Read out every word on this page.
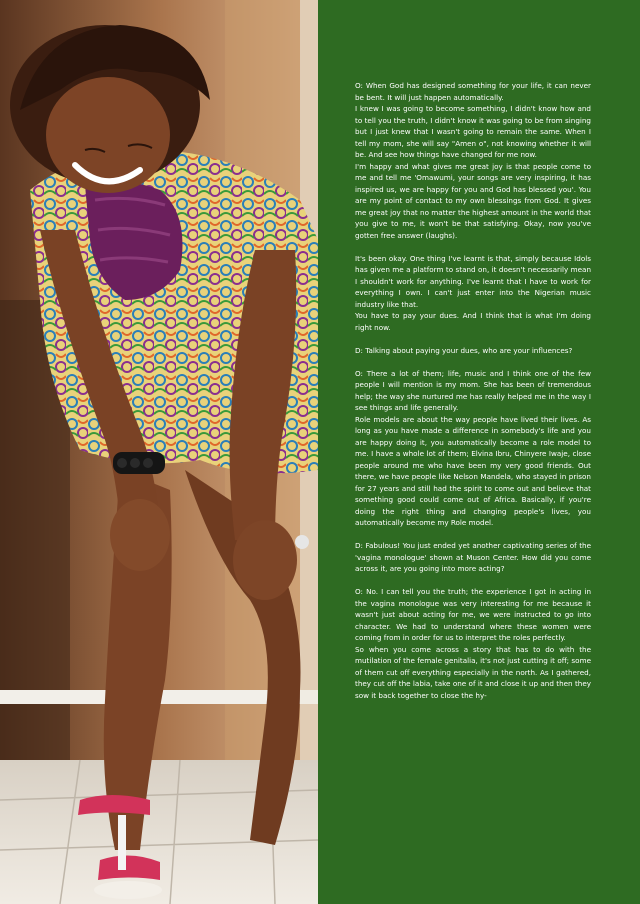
O: When God has designed something for your life, it can never be bent. It will just happen automatically.

I knew I was going to become something, I didn't know how and to tell you the truth, I didn't know it was going to be from singing but I just knew that I wasn't going to remain the same. When I tell my mom, she will say "Amen o", not knowing whether it will be. And see how things have changed for me now.

I'm happy and what gives me great joy is that people come to me and tell me 'Omawumi, your songs are very inspiring, it has inspired us, we are happy for you and God has blessed you'. You are my point of contact to my own blessings from God. It gives me great joy that no matter the highest amount in the world that you give to me, it won't be that satisfying. Okay, now you've gotten free answer (laughs).

It's been okay. One thing I've learnt is that, simply because Idols has given me a platform to stand on, it doesn't necessarily mean I shouldn't work for anything. I've learnt that I have to work for everything I own. I can't just enter into the Nigerian music industry like that.

You have to pay your dues. And I think that is what I'm doing right now.

D: Talking about paying your dues, who are your influences?

O: There a lot of them; life, music and I think one of the few people I will mention is my mom. She has been of tremendous help; the way she nurtured me has really helped me in the way I see things and life generally.

Role models are about the way people have lived their lives. As long as you have made a difference in somebody's life and you are happy doing it, you automatically become a role model to me. I have a whole lot of them; Elvina Ibru, Chinyere Iwaje, close people around me who have been my very good friends. Out there, we have people like Nelson Mandela, who stayed in prison for 27 years and still had the spirit to come out and believe that something good could come out of Africa. Basically, if you're doing the right thing and changing people's lives, you automatically become my Role model.

D: Fabulous! You just ended yet another captivating series of the 'vagina monologue' shown at Muson Center. How did you come across it, are you going into more acting?

O: No. I can tell you the truth; the experience I got in acting in the vagina monologue was very interesting for me because it wasn't just about acting for me, we were instructed to go into character. We had to understand where these women were coming from in order for us to interpret the roles perfectly.

So when you come across a story that has to do with the mutilation of the female genitalia, it's not just cutting it off; some of them cut off everything especially in the north. As I gathered, they cut off the labia, take one of it and close it up and then they sow it back together to close the hy-
